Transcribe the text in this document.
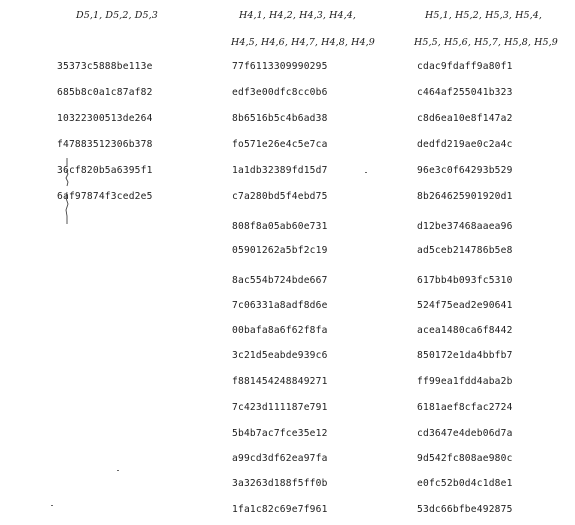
D5,1, D5,2, D5,3	H4,1, H4,2, H4,3, H4,4,
H4,5, H4,6, H4,7, H4,8, H4,9
H5,1, H5,2, H5,3, H5,4,
H5,5, H5,6, H5,7, H5,8, H5,9
35373c5888be113e
685b8c0a1c87af82
10322300513de264
f47883512306b378
36cf820b5a6395f1
6af97874f3ced2e5
77f6113309990295
edf3e00dfc8cc0b6
8b6516b5c4b6ad38
fo571e26e4c5e7ca
1a1db32389fd15d7
c7a280bd5f4ebd75
808f8a05ab60e731
05901262a5bf2c19
8ac554b724bde667
7c06331a8adf8d6e
00bafa8a6f62f8fa
3c21d5eabde939c6
f881454248849271
7c423d111187e791
5b4b7ac7fce35e12
a99cd3df62ea97fa
3a3263d188f5ff0b
1fa1c82c69e7f961
cdac9fdaff9a80f1
c464af255041b323
c8d6ea10e8f147a2
dedfd219ae0c2a4c
96e3c0f64293b529
8b264625901920d1
d12be37468aaea96
ad5ceb214786b5e8
617bb4b093fc5310
524f75ead2e90641
acea1480ca6f8442
850172e1da4bbfb7
ff99ea1fdd4aba2b
6181aef8cfac2724
cd3647e4deb06d7a
9d542fc808ae980c
e0fc52b0d4c1d8e1
53dc66bfbe492875
